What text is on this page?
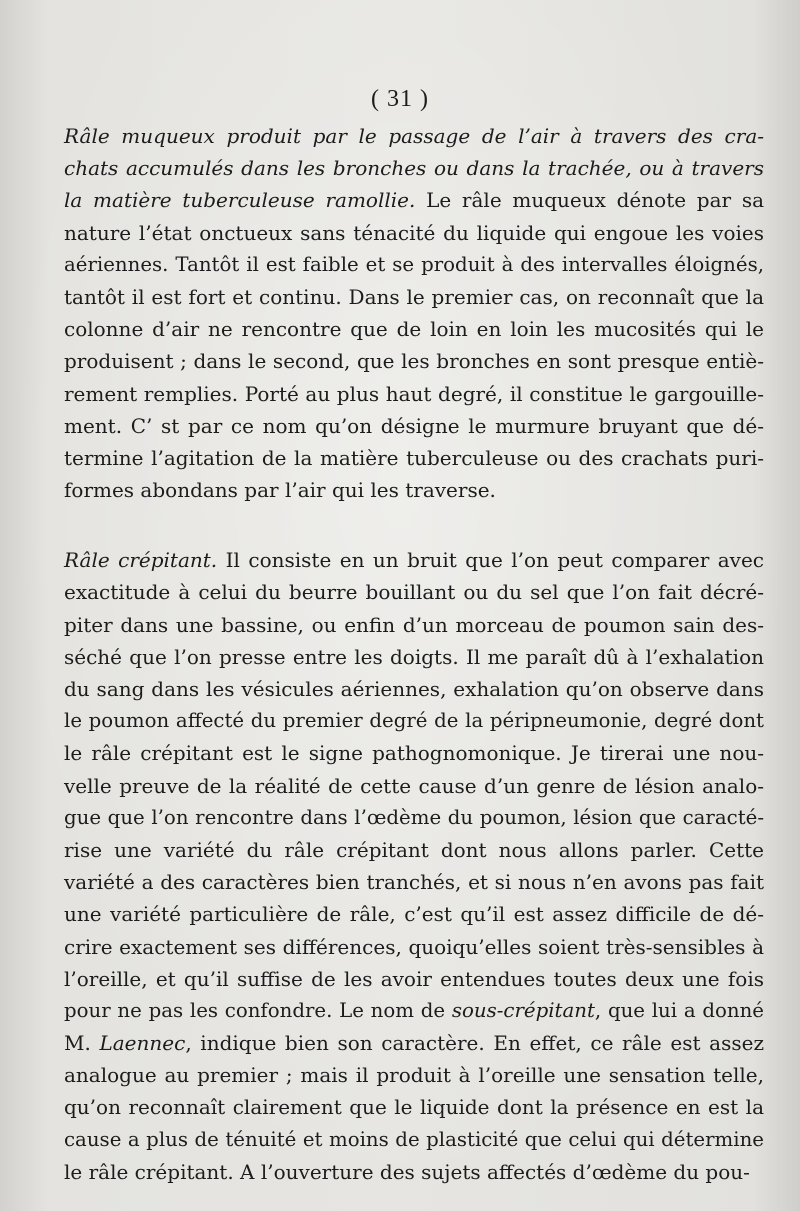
( 31 )
Râle muqueux produit par le passage de l’air à travers des cra-
chats accumulés dans les bronches ou dans la trachée, ou à travers
la matière tuberculeuse ramollie. Le râle muqueux dénote par sa
nature l’état onctueux sans ténacité du liquide qui engoue les voies
aériennes. Tantôt il est faible et se produit à des intervalles éloignés,
tantôt il est fort et continu. Dans le premier cas, on reconnaît que la
colonne d’air ne rencontre que de loin en loin les mucosités qui le
produisent ; dans le second, que les bronches en sont presque entiè-
rement remplies. Porté au plus haut degré, il constitue le gargouille-
ment. C’ st par ce nom qu’on désigne le murmure bruyant que dé-
termine l’agitation de la matière tuberculeuse ou des crachats puri-
formes abondans par l’air qui les traverse.
Râle crépitant. Il consiste en un bruit que l’on peut comparer avec
exactitude à celui du beurre bouillant ou du sel que l’on fait décré-
piter dans une bassine, ou enfin d’un morceau de poumon sain des-
séché que l’on presse entre les doigts. Il me paraît dû à l’exhalation
du sang dans les vésicules aériennes, exhalation qu’on observe dans
le poumon affecté du premier degré de la péripneumonie, degré dont
le râle crépitant est le signe pathognomonique. Je tirerai une nou-
velle preuve de la réalité de cette cause d’un genre de lésion analo-
gue que l’on rencontre dans l’œdème du poumon, lésion que caracté-
rise une variété du râle crépitant dont nous allons parler. Cette
variété a des caractères bien tranchés, et si nous n’en avons pas fait
une variété particulière de râle, c’est qu’il est assez difficile de dé-
crire exactement ses différences, quoiqu’elles soient très-sensibles à
l’oreille, et qu’il suffise de les avoir entendues toutes deux une fois
pour ne pas les confondre. Le nom de sous-crépitant, que lui a donné
M. Laennec, indique bien son caractère. En effet, ce râle est assez
analogue au premier ; mais il produit à l’oreille une sensation telle,
qu’on reconnaît clairement que le liquide dont la présence en est la
cause a plus de ténuité et moins de plasticité que celui qui détermine
le râle crépitant. A l’ouverture des sujets affectés d’œdème du pou-
